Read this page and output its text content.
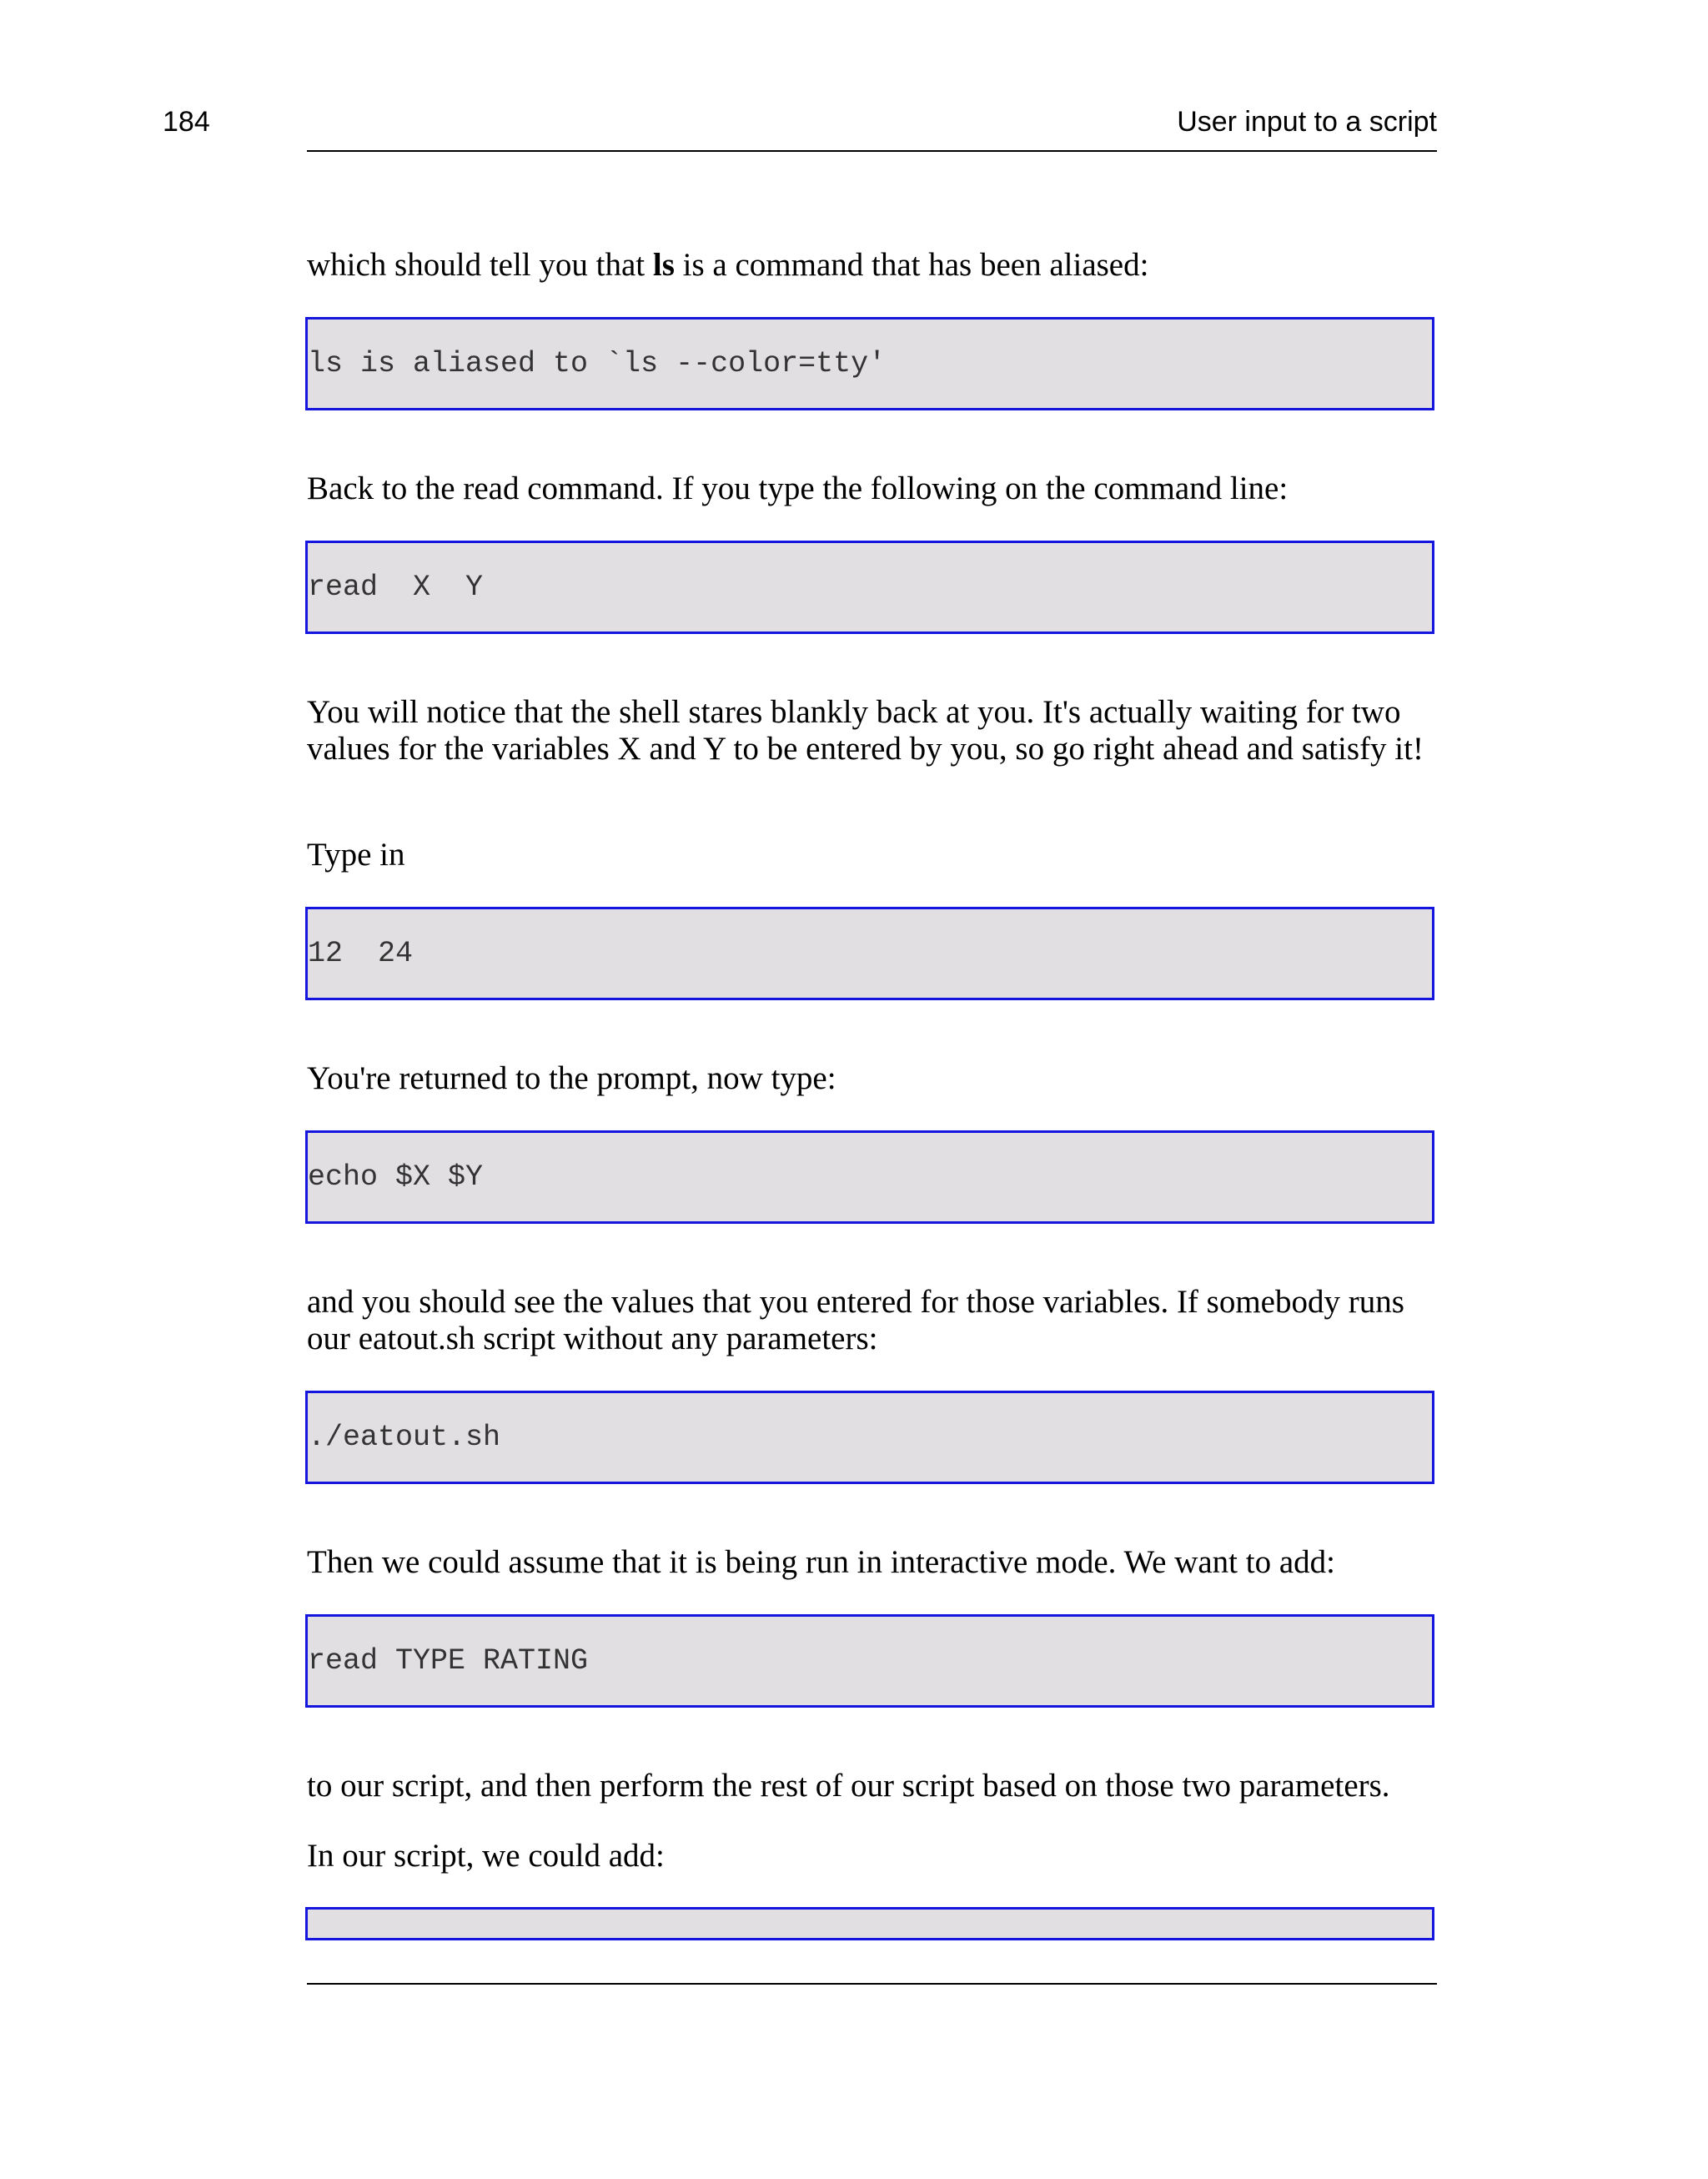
184	User input to a script

which should tell you that ls is a command that has been aliased:

ls is aliased to `ls --color=tty'

Back to the read command. If you type the following on the command line:

read  X  Y

You will notice that the shell stares blankly back at you. It's actually waiting for two values for the variables X and Y to be entered by you, so go right ahead and satisfy it!

Type in

12  24

You're returned to the prompt, now type:

echo $X $Y

and you should see the values that you entered for those variables. If somebody runs our eatout.sh script without any parameters:

./eatout.sh

Then we could assume that it is being run in interactive mode. We want to add:

read TYPE RATING

to our script, and then perform the rest of our script based on those two parameters.

In our script, we could add:
